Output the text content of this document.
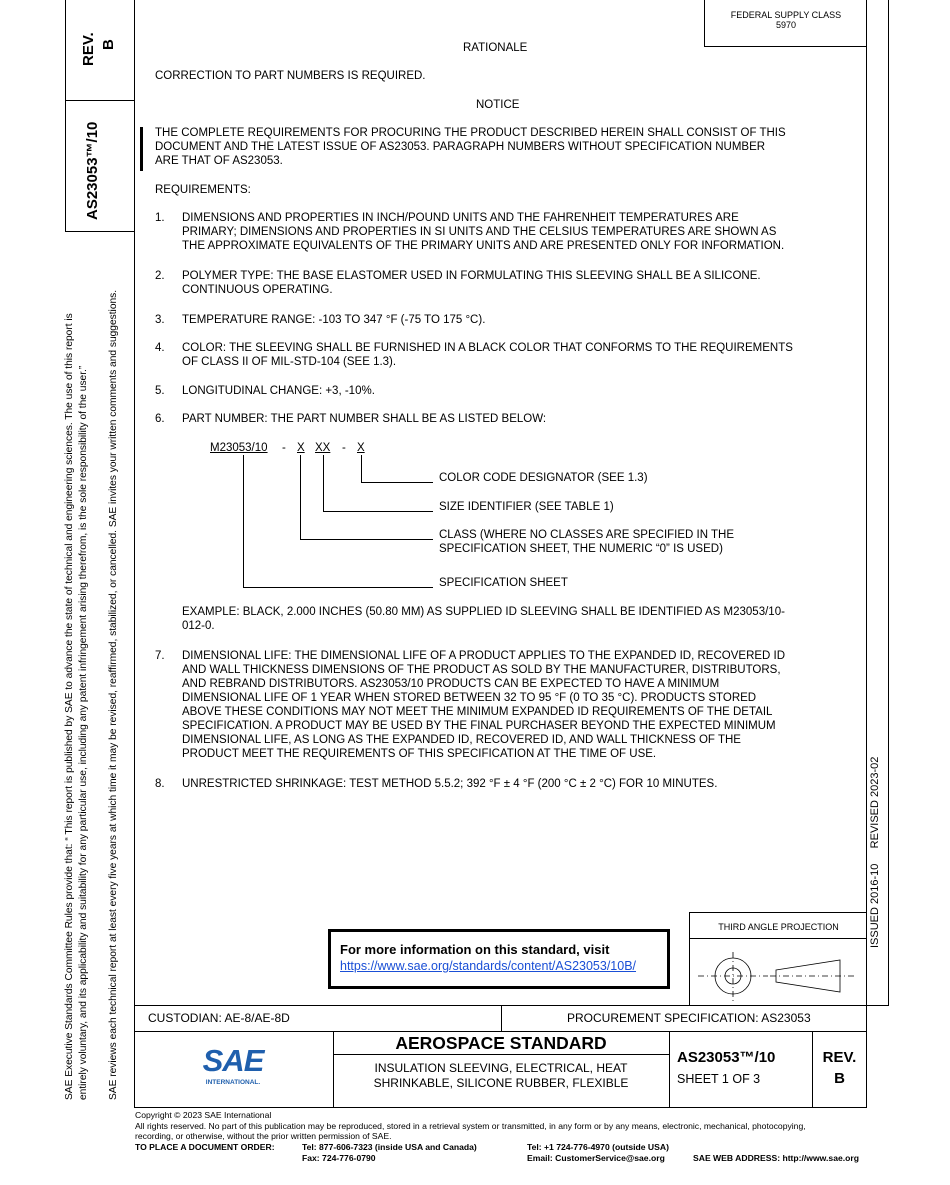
REV. B
AS23053™/10
SAE Executive Standards Committee Rules provide that: “ This report is published by SAE to advance the state of technical and engineering sciences. The use of this report is entirely voluntary, and its applicability and suitability for any particular use, including any patent infringement arising therefrom, is the sole responsibility of the user.” SAE reviews each technical report at least every five years at which time it may be revised, reaffirmed, stabilized, or cancelled. SAE invites your written comments and suggestions.	ISSUED 2016-10     REVISED 2023-02
FEDERAL SUPPLY CLASS
5970
RATIONALE
CORRECTION TO PART NUMBERS IS REQUIRED.
NOTICE
THE COMPLETE REQUIREMENTS FOR PROCURING THE PRODUCT DESCRIBED HEREIN SHALL CONSIST OF THIS
DOCUMENT AND THE LATEST ISSUE OF AS23053. PARAGRAPH NUMBERS WITHOUT SPECIFICATION NUMBER
ARE THAT OF AS23053.
REQUIREMENTS:
1. DIMENSIONS AND PROPERTIES IN INCH/POUND UNITS AND THE FAHRENHEIT TEMPERATURES ARE
PRIMARY; DIMENSIONS AND PROPERTIES IN SI UNITS AND THE CELSIUS TEMPERATURES ARE SHOWN AS
THE APPROXIMATE EQUIVALENTS OF THE PRIMARY UNITS AND ARE PRESENTED ONLY FOR INFORMATION.
2. POLYMER TYPE: THE BASE ELASTOMER USED IN FORMULATING THIS SLEEVING SHALL BE A SILICONE.
CONTINUOUS OPERATING.
3. TEMPERATURE RANGE: -103 TO 347 °F (-75 TO 175 °C).
4. COLOR: THE SLEEVING SHALL BE FURNISHED IN A BLACK COLOR THAT CONFORMS TO THE REQUIREMENTS
OF CLASS II OF MIL-STD-104 (SEE 1.3).
5. LONGITUDINAL CHANGE: +3, -10%.
6. PART NUMBER: THE PART NUMBER SHALL BE AS LISTED BELOW:
M23053/10 - X XX - X
COLOR CODE DESIGNATOR (SEE 1.3)
SIZE IDENTIFIER (SEE TABLE 1)
CLASS (WHERE NO CLASSES ARE SPECIFIED IN THE
SPECIFICATION SHEET, THE NUMERIC “0” IS USED)
SPECIFICATION SHEET
EXAMPLE: BLACK, 2.000 INCHES (50.80 MM) AS SUPPLIED ID SLEEVING SHALL BE IDENTIFIED AS M23053/10-
012-0.
7. DIMENSIONAL LIFE: THE DIMENSIONAL LIFE OF A PRODUCT APPLIES TO THE EXPANDED ID, RECOVERED ID
AND WALL THICKNESS DIMENSIONS OF THE PRODUCT AS SOLD BY THE MANUFACTURER, DISTRIBUTORS,
AND REBRAND DISTRIBUTORS. AS23053/10 PRODUCTS CAN BE EXPECTED TO HAVE A MINIMUM
DIMENSIONAL LIFE OF 1 YEAR WHEN STORED BETWEEN 32 TO 95 °F (0 TO 35 °C). PRODUCTS STORED
ABOVE THESE CONDITIONS MAY NOT MEET THE MINIMUM EXPANDED ID REQUIREMENTS OF THE DETAIL
SPECIFICATION. A PRODUCT MAY BE USED BY THE FINAL PURCHASER BEYOND THE EXPECTED MINIMUM
DIMENSIONAL LIFE, AS LONG AS THE EXPANDED ID, RECOVERED ID, AND WALL THICKNESS OF THE
PRODUCT MEET THE REQUIREMENTS OF THIS SPECIFICATION AT THE TIME OF USE.
8. UNRESTRICTED SHRINKAGE: TEST METHOD 5.5.2; 392 °F ± 4 °F (200 °C ± 2 °C) FOR 10 MINUTES.
For more information on this standard, visit
https://www.sae.org/standards/content/AS23053/10B/
THIRD ANGLE PROJECTION
CUSTODIAN: AE-8/AE-8D	PROCUREMENT SPECIFICATION: AS23053
SAE
INTERNATIONAL.
AEROSPACE STANDARD
INSULATION SLEEVING, ELECTRICAL, HEAT
SHRINKABLE, SILICONE RUBBER, FLEXIBLE
AS23053™/10
SHEET 1 OF 3
REV.
B
Copyright © 2023 SAE International
All rights reserved. No part of this publication may be reproduced, stored in a retrieval system or transmitted, in any form or by any means, electronic, mechanical, photocopying,
recording, or otherwise, without the prior written permission of SAE.
TO PLACE A DOCUMENT ORDER:	Tel: 877-606-7323 (inside USA and Canada)
Fax: 724-776-0790
Tel: +1 724-776-4970 (outside USA)
Email: CustomerService@sae.org	SAE WEB ADDRESS: http://www.sae.org
